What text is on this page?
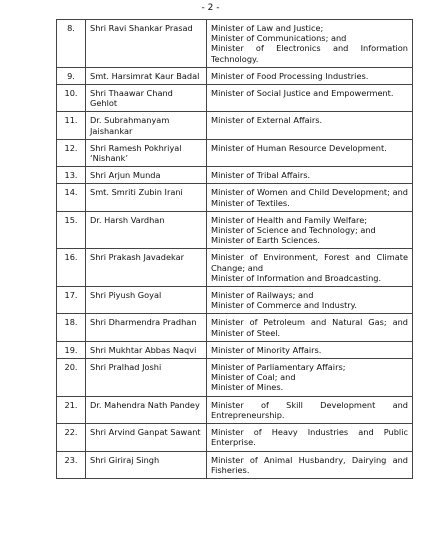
- 2 -
8.	Shri Ravi Shankar Prasad	Minister of Law and Justice;
Minister of Communications; and
Minister of Electronics and Information Technology.

9.	Smt. Harsimrat Kaur Badal	Minister of Food Processing Industries.

10.	Shri Thaawar Chand Gehlot	Minister of Social Justice and Empowerment.

11.	Dr. Subrahmanyam Jaishankar	Minister of External Affairs.

12.	Shri Ramesh Pokhriyal ‘Nishank’	Minister of Human Resource Development.

13.	Shri Arjun Munda	Minister of Tribal Affairs.

14.	Smt. Smriti Zubin Irani	Minister of Women and Child Development; and Minister of Textiles.

15.	Dr. Harsh Vardhan	Minister of Health and Family Welfare;
Minister of Science and Technology; and
Minister of Earth Sciences.

16.	Shri Prakash Javadekar	Minister of Environment, Forest and Climate Change; and
Minister of Information and Broadcasting.

17.	Shri Piyush Goyal	Minister of Railways; and
Minister of Commerce and Industry.

18.	Shri Dharmendra Pradhan	Minister of Petroleum and Natural Gas; and Minister of Steel.

19.	Shri Mukhtar Abbas Naqvi	Minister of Minority Affairs.

20.	Shri Pralhad Joshi	Minister of Parliamentary Affairs;
Minister of Coal; and
Minister of Mines.

21.	Dr. Mahendra Nath Pandey	Minister of Skill Development and Entrepreneurship.

22.	Shri Arvind Ganpat Sawant	Minister of Heavy Industries and Public Enterprise.

23.	Shri Giriraj Singh	Minister of Animal Husbandry, Dairying and Fisheries.
